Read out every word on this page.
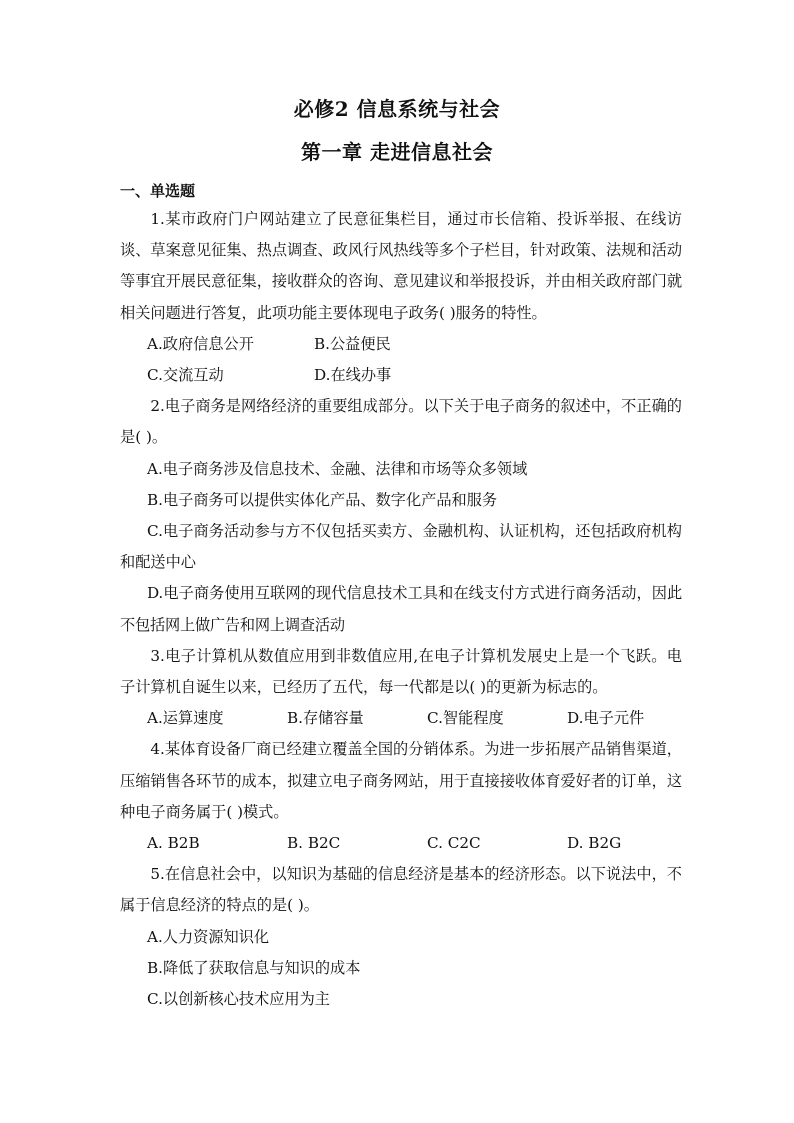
必修2 信息系统与社会
第一章 走进信息社会
一、单选题

1.某市政府门户网站建立了民意征集栏目，通过市长信箱、投诉举报、在线访谈、草案意见征集、热点调查、政风行风热线等多个子栏目，针对政策、法规和活动等事宜开展民意征集，接收群众的咨询、意见建议和举报投诉，并由相关政府部门就相关问题进行答复，此项功能主要体现电子政务( )服务的特性。

A.政府信息公开	B.公益便民
C.交流互动	D.在线办事

2.电子商务是网络经济的重要组成部分。以下关于电子商务的叙述中，不正确的是( )。

A.电子商务涉及信息技术、金融、法律和市场等众多领域
B.电子商务可以提供实体化产品、数字化产品和服务
C.电子商务活动参与方不仅包括买卖方、金融机构、认证机构，还包括政府机构和配送中心
D.电子商务使用互联网的现代信息技术工具和在线支付方式进行商务活动，因此不包括网上做广告和网上调查活动

3.电子计算机从数值应用到非数值应用,在电子计算机发展史上是一个飞跃。电子计算机自诞生以来，已经历了五代，每一代都是以( )的更新为标志的。

A.运算速度	B.存储容量	C.智能程度	D.电子元件

4.某体育设备厂商已经建立覆盖全国的分销体系。为进一步拓展产品销售渠道，压缩销售各环节的成本，拟建立电子商务网站，用于直接接收体育爱好者的订单，这种电子商务属于( )模式。

A. B2B	B. B2C	C. C2C	D. B2G

5.在信息社会中，以知识为基础的信息经济是基本的经济形态。以下说法中，不属于信息经济的特点的是( )。

A.人力资源知识化
B.降低了获取信息与知识的成本
C.以创新核心技术应用为主
